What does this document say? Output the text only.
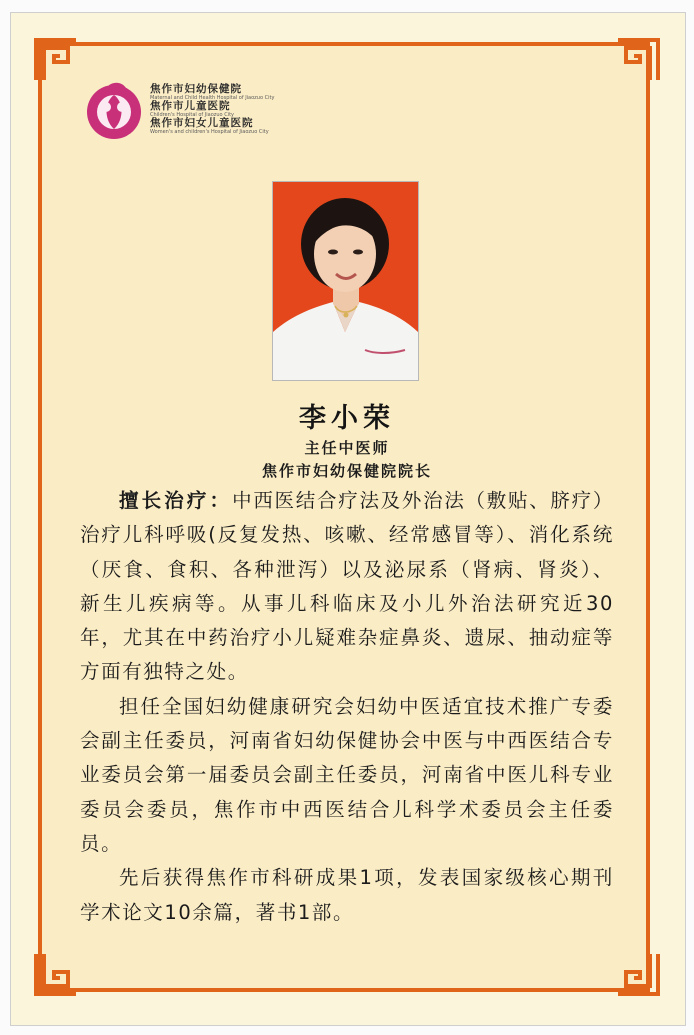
焦作市妇幼保健院
Maternal and Child Health Hospital of Jiaozuo City
焦作市儿童医院
Children's Hospital of Jiaozuo City
焦作市妇女儿童医院
Women's and children's Hospital of Jiaozuo City
李小荣
主任中医师
焦作市妇幼保健院院长

擅长治疗：中西医结合疗法及外治法（敷贴、脐疗）治疗儿科呼吸(反复发热、咳嗽、经常感冒等）、消化系统（厌食、食积、各种泄泻）以及泌尿系（肾病、肾炎）、新生儿疾病等。从事儿科临床及小儿外治法研究近30年，尤其在中药治疗小儿疑难杂症鼻炎、遗尿、抽动症等方面有独特之处。

担任全国妇幼健康研究会妇幼中医适宜技术推广专委会副主任委员，河南省妇幼保健协会中医与中西医结合专业委员会第一届委员会副主任委员，河南省中医儿科专业委员会委员，焦作市中西医结合儿科学术委员会主任委员。

先后获得焦作市科研成果1项，发表国家级核心期刊学术论文10余篇，著书1部。
